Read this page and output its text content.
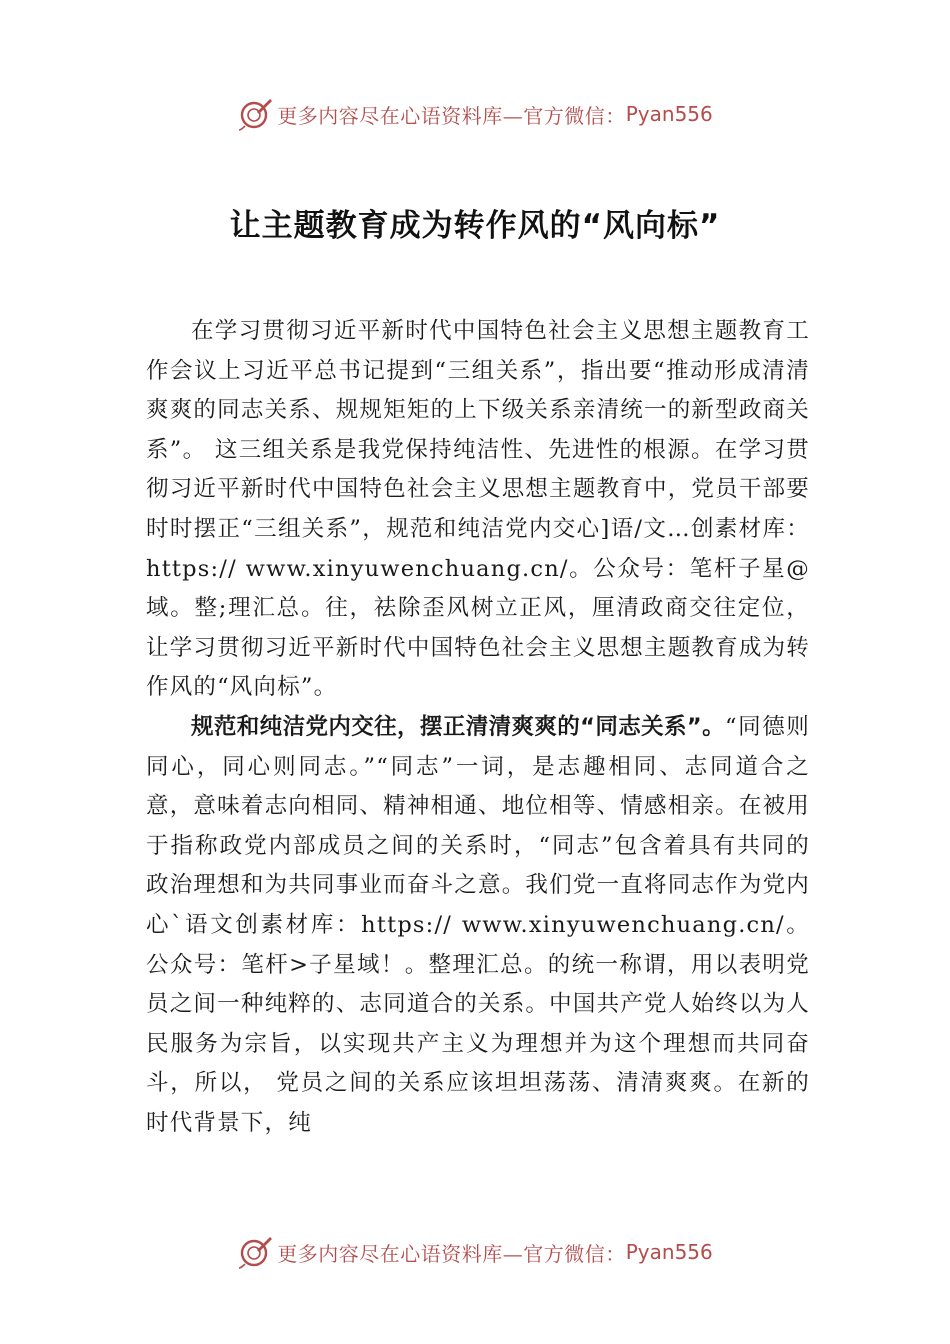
更多内容尽在心语资料库—官方微信： Pyan556
让主题教育成为转作风的“风向标”

在学习贯彻习近平新时代中国特色社会主义思想主题教育工作会议上习近平总书记提到“三组关系”，指出要“推动形成清清爽爽的同志关系、规规矩矩的上下级关系亲清统一的新型政商关系”。 这三组关系是我党保持纯洁性、先进性的根源。在学习贯彻习近平新时代中国特色社会主义思想主题教育中，党员干部要时时摆正“三组关系”，规范和纯洁党内交心]语/文…创素材库：https:// www.xinyuwenchuang.cn/。公众号：笔杆子星@域。整;理汇总。往，祛除歪风树立正风，厘清政商交往定位，让学习贯彻习近平新时代中国特色社会主义思想主题教育成为转作风的“风向标”。

规范和纯洁党内交往，摆正清清爽爽的“同志关系”。“同德则同心，同心则同志。”“同志”一词，是志趣相同、志同道合之意，意味着志向相同、精神相通、地位相等、情感相亲。在被用于指称政党内部成员之间的关系时，“同志”包含着具有共同的政治理想和为共同事业而奋斗之意。我们党一直将同志作为党内心`语文创素材库：https:// www.xinyuwenchuang.cn/。公众号：笔杆>子星域！。整理汇总。的统一称谓，用以表明党员之间一种纯粹的、志同道合的关系。中国共产党人始终以为人民服务为宗旨，以实现共产主义为理想并为这个理想而共同奋斗，所以， 党员之间的关系应该坦坦荡荡、清清爽爽。在新的时代背景下，纯

更多内容尽在心语资料库—官方微信： Pyan556
